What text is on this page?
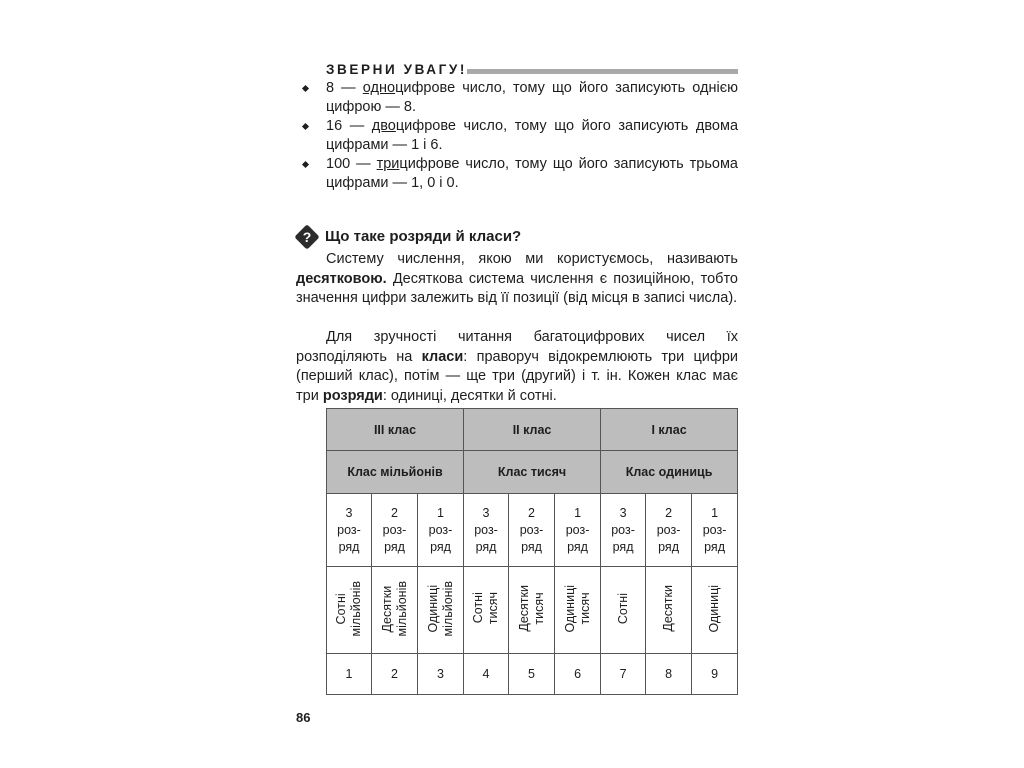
ЗВЕРНИ УВАГУ!
8 — одноцифрове число, тому що його записують однією цифрою — 8.
16 — двоцифрове число, тому що його записують двома цифрами — 1 і 6.
100 — трицифрове число, тому що його записують трьома цифрами — 1, 0 і 0.
? Що таке розряди й класи?

Систему числення, якою ми користуємось, називають десятковою. Десяткова система числення є позиційною, тобто значення цифри залежить від її позиції (від місця в записі числа).

Для зручності читання багатоцифрових чисел їх розподіляють на класи: праворуч відокремлюють три цифри (перший клас), потім — ще три (другий) і т. ін. Кожен клас має три розряди: одиниці, десятки й сотні.

III клас			II клас			I клас		
Клас мільйонів			Клас тисяч			Клас одиниць		
3
роз-
ряд	2
роз-
ряд	1
роз-
ряд	3
роз-
ряд	2
роз-
ряд	1
роз-
ряд	3
роз-
ряд	2
роз-
ряд	1
роз-
ряд
Сотні
мільйонів	Десятки
мільйонів	Одиниці
мільйонів	Сотні
тисяч	Десятки
тисяч	Одиниці
тисяч	Сотні	Десятки	Одиниці
1	2	3	4	5	6	7	8	9
86
